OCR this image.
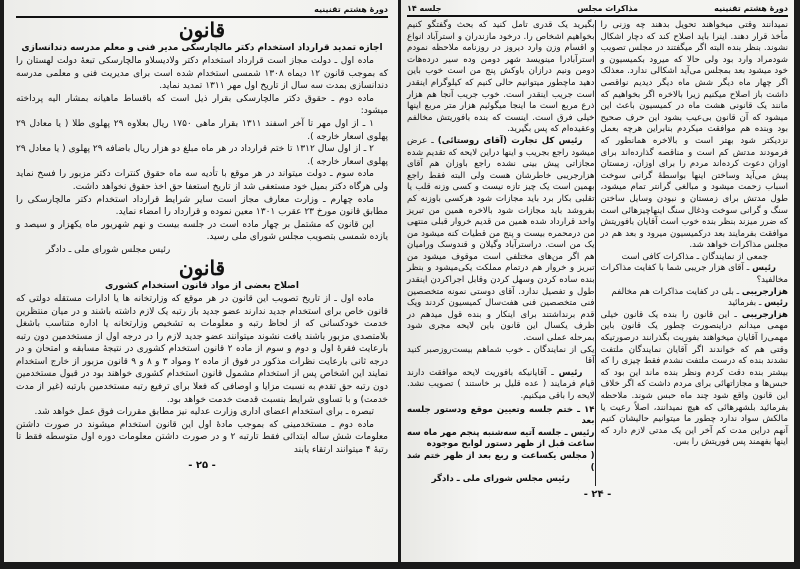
دورهٔ هشتم تقنینیه
قانون
اجازه تمدید قرارداد استخدام دکتر مالچارسکی مدیر فنی و معلم مدرسه دندانسازی

ماده اول ـ دولت مجاز است قرارداد استخدام دکتر ولادیسلاو مالچارسکی تبعهٔ دولت لهستان را که بموجب قانون ۱۲ دیماه ۱۳۰۸ شمسی استخدام شده است برای مدیریت فنی و معلمی مدرسه دندانسازی بمدت سه سال از تاریخ اول مهر ۱۳۱۱ تمدید نماید.

ماده دوم ـ حقوق دکتر مالچارسکی بقرار ذیل است که باقساط ماهیانه بمشار الیه پرداخته میشود:

۱ ـ از اول مهر تا آخر اسفند ۱۳۱۱ بقرار ماهی ۱۷۵۰ ریال بعلاوه ۲۹ پهلوی طلا ( یا معادل ۲۹ پهلوی اسعار خارجه ).

۲ ـ از اول سال ۱۳۱۲ تا ختم قرارداد در هر ماه مبلغ دو هزار ریال باضافه ۲۹ پهلوی ( یا معادل ۲۹ پهلوی اسعار خارجه ).

ماده سوم ـ دولت میتواند در هر موقع با تأدیه سه ماه حقوق کنترات دکتر مزبور را فسخ نماید ولی هرگاه دکتر بمیل خود مستعفی شد از تاریخ استعفا حق اخذ حقوق نخواهد داشت.

ماده چهارم ـ وزارت معارف مجاز است سایر شرایط قرارداد استخدام دکتر مالچارسکی را مطابق قانون مورخ ۲۳ عقرب ۱۳۰۱ معین نموده و قرارداد را امضاء نماید.

این قانون که مشتمل بر چهار ماده است در جلسه بیست و نهم شهریور ماه یکهزار و سیصد و یازده شمسی بتصویب مجلس شورای ملی رسید.

رئیس مجلس شورای ملی ـ دادگر
قانون
اصلاح بعضی از مواد قانون استخدام کشوری

ماده اول ـ از تاریخ تصویب این قانون در هر موقع که وزارتخانه ها یا ادارات مستقله دولتی که قانون خاص برای استخدام جدید ندارند عضو جدید باز رتبه یک لازم داشته باشند و در میان منتظرین خدمت خودکسانی که از لحاظ رتبه و معلومات به تشخیص وزارتخانه یا اداره متناسب باشغل بلامتصدی مزبور باشند یافت نشوند میتوانند عضو جدید لازم را در درجه اول از مستخدمین دون رتبه بارعایت فقرهٔ اول و دوم و سوم از ماده ۲ قانون استخدام کشوری در نتیجهٔ مسابقه و امتحان و در درجه ثانی بارعایت نظرات مذکور در فوق از ماده ۲ ومواد ۳ و ۸ و ۹ قانون مزبور از خارج استخدام نمایند این اشخاص پس از استخدام مشمول قانون استخدام کشوری خواهند بود در قبول مستخدمین دون رتبه حق تقدم به نسبت مزایا و اوصافی که فعلا برای ترفیع رتبه مستخدمین بارتبه (غیر از مدت خدمت) و با تساوی شرایط بنسبت قدمت خدمت خواهد بود.

تبصره ـ برای استخدام اعضای اداری وزارت عدلیه نیز مطابق مقررات فوق عمل خواهد شد.

ماده دوم ـ مستخدمینی که بموجب مادهٔ اول این قانون استخدام میشوند در صورت داشتن معلومات شش ساله ابتدائی فقط تارتبه ۲ و در صورت داشتن معلومات دوره اول متوسطه فقط تا رتبهٔ ۴ میتوانند ارتقاء یابند

- ۲۵ -
دورهٔ هشتم تقنینیه
مذاکرات مجلس
جلسه ۱۴

نمیدانند وقتی میخواهند تحویل بدهند چه وزنی را مأخذ قرار دهند. اینرا باید اصلاح کند که دچار اشکال نشوند. بنظر بنده البته اگر میگفتند در مجلس تصویب شودمراد وارد بود ولی حالا که میرود بکمیسیون و خود میشود بعد بمجلس می‌آید اشکالی ندارد. معذلک اگر چهار ماه دیگر شش ماه دیگر دیدیم نواقصی داشت باز اصلاح میکنیم زیرا بالاخره اگر بخواهیم که مانند یک قانونی هشت ماه در کمیسیون باعث این میشود که آن قانون بی‌عیب بشود این حرف صحیح بود وبنده هم موافقت میکردم بنابراین هرچه بعمل نزدیکتر شود بهتر است و بالاخره همانطور که فرمودند مدتش کم است و مناقصه گذارده‌اند برای اوزان دعوت کرده‌اند مردم را برای اوزان، زمستان پیش می‌آید وساختن اینها بواسطهٔ گرانی سوخت اسباب زحمت میشود و مبالغی گرانتر تمام میشود، طول مدتش برای زمستان و نبودن وسایل ساختن سنگ و گرانی سوخت وذغال سنگ اینهاچیزهائی است که ضرر میزند بنظر بنده خوب است آقایان بافوریتش موافقت بفرمایند بعد درکمیسیون میرود و بعد هم در مجلس مذاکرات خواهد شد.

جمعی از نمایندگان ـ مذاکرات کافی است

رئیس ـ آقای هزار جریبی شما با کفایت مذاکرات مخالفید؟

هزارجریبی ـ بلی در کفایت مذاکرات هم مخالفم

رئیس ـ بفرمائید

هزارجریبی ـ این قانون را بنده یک قانون خیلی مهمی میدانم دراینصورت چطور یک قانون باین مهمی‌را آقایان میخواهند بفوریت بگذرانند درصورتیکه وقتی هم که خواندند اگر آقایان نمایندگان ملتفت نشدند بنده که درست ملتفت نشدم فقط چیزی را که بیشتر بنده دقت کردم ونظر بنده ماند این بود که حبس‌ها و مجازاتهائی برای مردم داشت که اگر خلاف این قانون واقع شود چند ماه حبس شوند. ملاحظه بفرمائید بلشهرهائی که هیچ نمیدانند، اصلاً رعیت یا مالکش سواد ندارد چطور ما میتوانیم حالیشان کنیم آنهم دراین مدت کم آخر این یک مدتی لازم دارد که اینها بفهمند پس فوریتش را بس.

بگیرید یک قدری تامل کنید که بحث وگفتگو کنیم بخواهیم اشخاص را. درخود مازندران و استرآباد انواع و اقسام وزن وارد دیروز در روزنامه ملاحظه نمودم استرآبادرا مینویسد شهر دومن وده سیر درده‌هات دومن ونیم درازان باوکش پنج من است خوب باین دهید ماچطور میتوانیم حالی کنیم که کیلوگرام اینقدر است جریب اینقدر است. خوب جریب آنجا هم هزار ذرع مربع است ما اینجا میگوئیم هزار متر مربع اینها خیلی فرق است. اینست که بنده بافوریتش مخالفم وعقیده‌ام که پس بگیرید.

رئیس کل تجارت (آقای روستائی) ـ عرض میشود راجع بجریب و اینها دراین لایحه که تقدیم شده مجازاتی پیش بینی نشده راجع باوزان هم آقای هزارجریبی خاطرشان هست ولی البته فقط راجع بهمین است یک چیز تازه نیست و کسی وزنه قلب یا تقلبی بکار برد باید مجازات شود هرکسی باوزنه کم بفروشد باید مجازات شود بالاخره همین من تبریز واحد قرارداد شده همین من قدیم خروار قبلی منتهی من درمحمره بیست و پنج من قطیات کنه میشود من یک من است. دراسترآباد وگیلان و قندوسک ورامیان هم اگر من‌های مختلفی است موقوف میشود من تبریز و خروار هم درتمام مملکت یکی‌میشود و بنظر بنده ساده کردن وسهل کردن وقابل اجراکردن اینقدر طول و تفصیل ندارد. آقای دوستی نمونه متخصصین فنی متخصصین فنی هفت‌سال کمیسیون کردند ویک قدم برنداشتند برای اینکار و بنده قول میدهم در ظرف یکسال این قانون باین لایحه مجری شود بمرحله عملی است.

یکی از نمایندگان ـ خوب شماهم بیست‌روزصبر کنید آقا

رئیس ـ آقایانیکه بافوریت لایحه موافقت دارند قیام فرمایند ( عده قلیل بر خاستند ) تصویب نشد. لایحه را باقی میکنیم.

۱۴ ـ ختم جلسه وتعیین موقع ودستور جلسه بعد
رئیس ـ جلسه آتیه سه‌شنبه پنجم مهر ماه سه ساعت قبل از ظهر دستور لوایح موجوده
( مجلس یکساعت و ربع بعد از ظهر ختم شد )
رئیس مجلس شورای ملی ـ دادگر
- ۲۴ -
